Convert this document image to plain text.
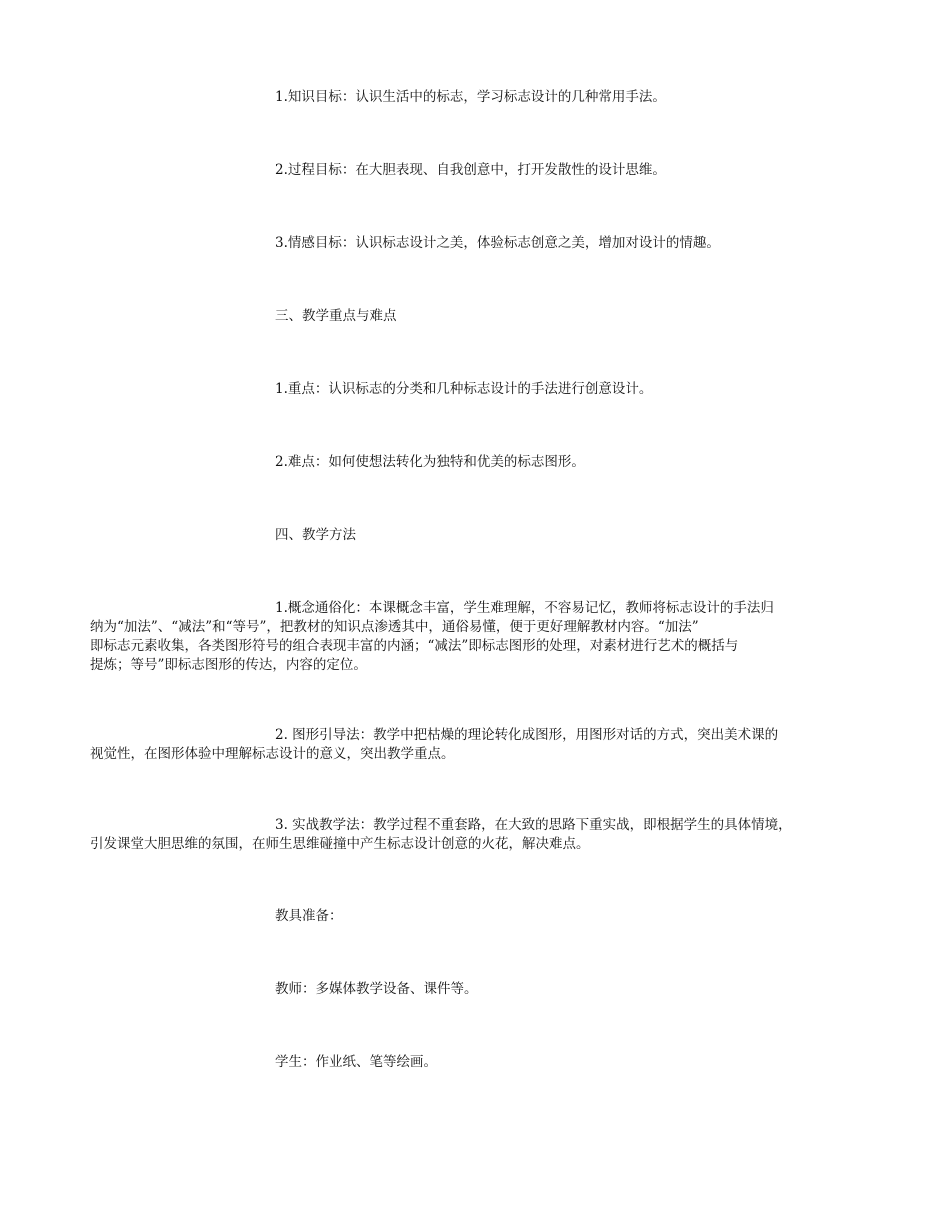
1.知识目标：认识生活中的标志，学习标志设计的几种常用手法。
2.过程目标：在大胆表现、自我创意中，打开发散性的设计思维。
3.情感目标：认识标志设计之美，体验标志创意之美，增加对设计的情趣。
三、教学重点与难点
1.重点：认识标志的分类和几种标志设计的手法进行创意设计。
2.难点：如何使想法转化为独特和优美的标志图形。
四、教学方法
1.概念通俗化：本课概念丰富，学生难理解，不容易记忆，教师将标志设计的手法归
纳为“加法”、“减法”和“等号”，把教材的知识点渗透其中，通俗易懂，便于更好理解教材内容。“加法”
即标志元素收集，各类图形符号的组合表现丰富的内涵；“减法”即标志图形的处理，对素材进行艺术的概括与
提炼；等号”即标志图形的传达，内容的定位。
2. 图形引导法：教学中把枯燥的理论转化成图形，用图形对话的方式，突出美术课的
视觉性，在图形体验中理解标志设计的意义，突出教学重点。
3. 实战教学法：教学过程不重套路，在大致的思路下重实战，即根据学生的具体情境，
引发课堂大胆思维的氛围，在师生思维碰撞中产生标志设计创意的火花，解决难点。
教具准备：
教师：多媒体教学设备、课件等。
学生：作业纸、笔等绘画。
